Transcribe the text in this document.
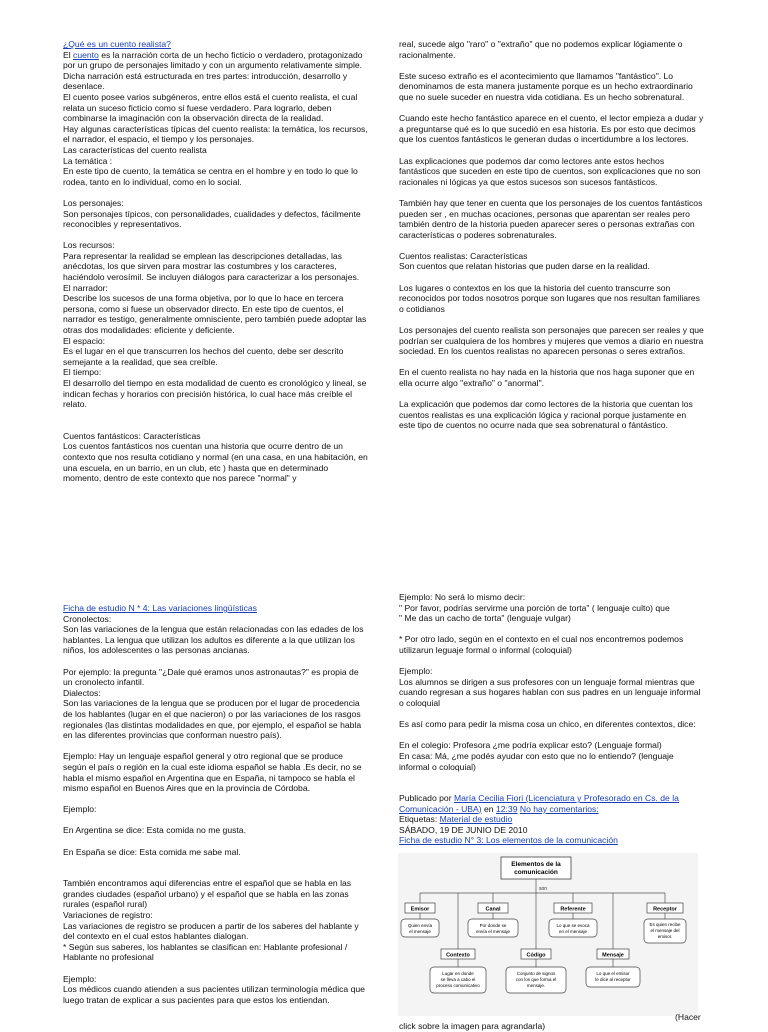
¿Qué es un cuento realista?

El cuento es la narración corta de un hecho ficticio o verdadero, protagonizado por un grupo de personajes limitado y con un argumento relativamente simple. Dicha narración está estructurada en tres partes: introducción, desarrollo y desenlace.

El cuento posee varios subgéneros, entre ellos está el cuento realista, el cual relata un suceso ficticio como si fuese verdadero. Para lograrlo, deben combinarse la imaginación con la observación directa de la realidad.

Hay algunas características típicas del cuento realista: la temática, los recursos, el narrador, el espacio, el tiempo y los personajes.

Las características del cuento realista

La temática :

En este tipo de cuento, la temática se centra en el hombre y en todo lo que lo rodea, tanto en lo individual, como en lo social.

Los personajes:

Son personajes típicos, con personalidades, cualidades y defectos, fácilmente reconocibles y representativos.

Los recursos:

Para representar la realidad se emplean las descripciones detalladas, las anécdotas, los que sirven para mostrar las costumbres y los caracteres, haciéndolo verosímil. Se incluyen diálogos para caracterizar a los personajes.

El narrador:

Describe los sucesos de una forma objetiva, por lo que lo hace en tercera persona, como si fuese un observador directo. En este tipo de cuentos, el narrador es testigo, generalmente omnisciente, pero también puede adoptar las otras dos modalidades: eficiente y deficiente.

El espacio:

Es el lugar en el que transcurren los hechos del cuento, debe ser descrito semejante a la realidad, que sea creíble.

El tiempo:

El desarrollo del tiempo en esta modalidad de cuento es cronológico y lineal, se indican fechas y horarios con precisión histórica, lo cual hace más creíble el relato.

Cuentos fantásticos: Características

Los cuentos fantásticos nos cuentan una historia que ocurre dentro de un contexto que nos resulta cotidiano y normal (en una casa, en una habitación, en una escuela, en un barrio, en un club, etc ) hasta que en determinado momento, dentro de este contexto que nos parece "normal" y

real, sucede algo "raro" o "extraño" que no podemos explicar lógiamente o racionalmente.

Este suceso extraño es el acontecimiento que llamamos "fantástico". Lo denominamos de esta manera justamente porque es un hecho extraordinario que no suele suceder en nuestra vida cotidiana. Es un hecho sobrenatural.

Cuando este hecho fantástico aparece en el cuento, el lector empieza a dudar y a preguntarse qué es lo que sucedió en esa historia. Es por esto que decimos que los cuentos fantásticos le generan dudas o incertidumbre a los lectores.

Las explicaciones que podemos dar como lectores ante estos hechos fantásticos que suceden en este tipo de cuentos, son explicaciones que no son racionales ni lógicas ya que estos sucesos son sucesos fantásticos.

También hay que tener en cuenta que los personajes de los cuentos fantásticos pueden ser , en muchas ocaciones, personas que aparentan ser reales pero también dentro de la historia pueden aparecer seres o personas extrañas con características o poderes sobrenaturales.

Cuentos realistas: Características

Son cuentos que relatan historias que puden darse en la realidad.

Los lugares o contextos en los que la historia del cuento transcurre son reconocidos por todos nosotros porque son lugares que nos resultan familiares o cotidianos

Los personajes del cuento realista son personajes que parecen ser reales y que podrían ser cualquiera de los hombres y mujeres que vemos a diario en nuestra sociedad. En los cuentos realistas no aparecen personas o seres extraños.

En el cuento realista no hay nada en la historia que nos haga suponer que en ella ocurre algo "extraño" o "anormal".

La explicación que podemos dar como lectores de la historia que cuentan los cuentos realistas es una explicación lógica y racional porque justamente en este tipo de cuentos no ocurre nada que sea sobrenatural o fántástico.

Ficha de estudio N * 4: Las variaciones lingüísticas

Cronolectos:

Son las variaciones de la lengua que están relacionadas con las edades de los hablantes. La lengua que utilizan los adultos es diferente a la que utilizan los niños, los adolescentes o las personas ancianas.

Por ejemplo: la pregunta "¿Dale qué eramos unos astronautas?" es propia de un cronolecto infantil.

Dialectos:

Son las variaciones de la lengua que se producen por el lugar de procedencia de los hablantes (lugar en el que nacieron) o por las variaciones de los rasgos regionales (las distintas modalidades en que, por ejemplo, el español se habla en las diferentes provincias que conforman nuestro país).

Ejemplo: Hay un lenguaje español general y otro regional que se produce según el país o región en la cual este idioma español se habla .Es decir, no se habla el mismo español en Argentina que en España, ni tampoco se habla el mismo español en Buenos Aires que en la provincia de Córdoba.

Ejemplo:

En Argentina se dice: Esta comida no me gusta.

En España se dice: Esta comida me sabe mal.

También encontramos aquí diferencias entre el español que se habla en las grandes ciudades (español urbano) y el español que se habla en las zonas rurales (español rural)

Variaciones de registro:

Las variaciones de registro se producen a partir de los saberes del hablante y del contexto en el cual estos hablantes dialogan.

* Según sus saberes, los hablantes se clasifican en: Hablante profesional / Hablante no profesional

Ejemplo:

Los médicos cuando atienden a sus pacientes utilizan terminología médica que luego tratan de explicar a sus pacientes para que estos los entiendan.

Ejemplo: No será lo mismo decir:

" Por favor, podrías servirme una porción de torta" ( lenguaje culto) que

" Me das un cacho de torta" (lenguaje vulgar)

* Por otro lado, según en el contexto en el cual nos encontremos podemos utilizarun leguaje formal o informal (coloquial)

Ejemplo:

Los alumnos se dirigen a sus profesores con un lenguaje formal mientras que cuando regresan a sus hogares hablan con sus padres en un lenguaje informal o coloquial

Es así como para pedir la misma cosa un chico, en diferentes contextos, dice:

En el colegio: Profesora ¿me podría explicar esto? (Lenguaje formal)

En casa: Má, ¿me podés ayudar con esto que no lo entiendo? (lenguaje informal o coloquial)

Publicado por María Cecilia Fiori (Licenciatura y Profesorado en Cs. de la Comunicación - UBA) en 12:39 No hay comentarios:

Etiquetas: Material de estudio

SÁBADO, 19 DE JUNIO DE 2010

Ficha de estudio N° 3: Los elementos de la comunicación

Elementos de la
comunicación
son
Emisor	Canal	Referente	Receptor
Quien envía
el mensaje
Por donde se
envía el mensaje
Lo que se evoca
en el mensaje
Es quien recibe
el mensaje del
emisor.
Contexto	Código	Mensaje
Lugar en donde
se lleva a cabo el
proceso comunicativo
Conjunto de signos
con los que forma el
mensaje.
Lo que el emisor
le dice al receptor
(Hacer
click sobre la imagen para agrandarla)
